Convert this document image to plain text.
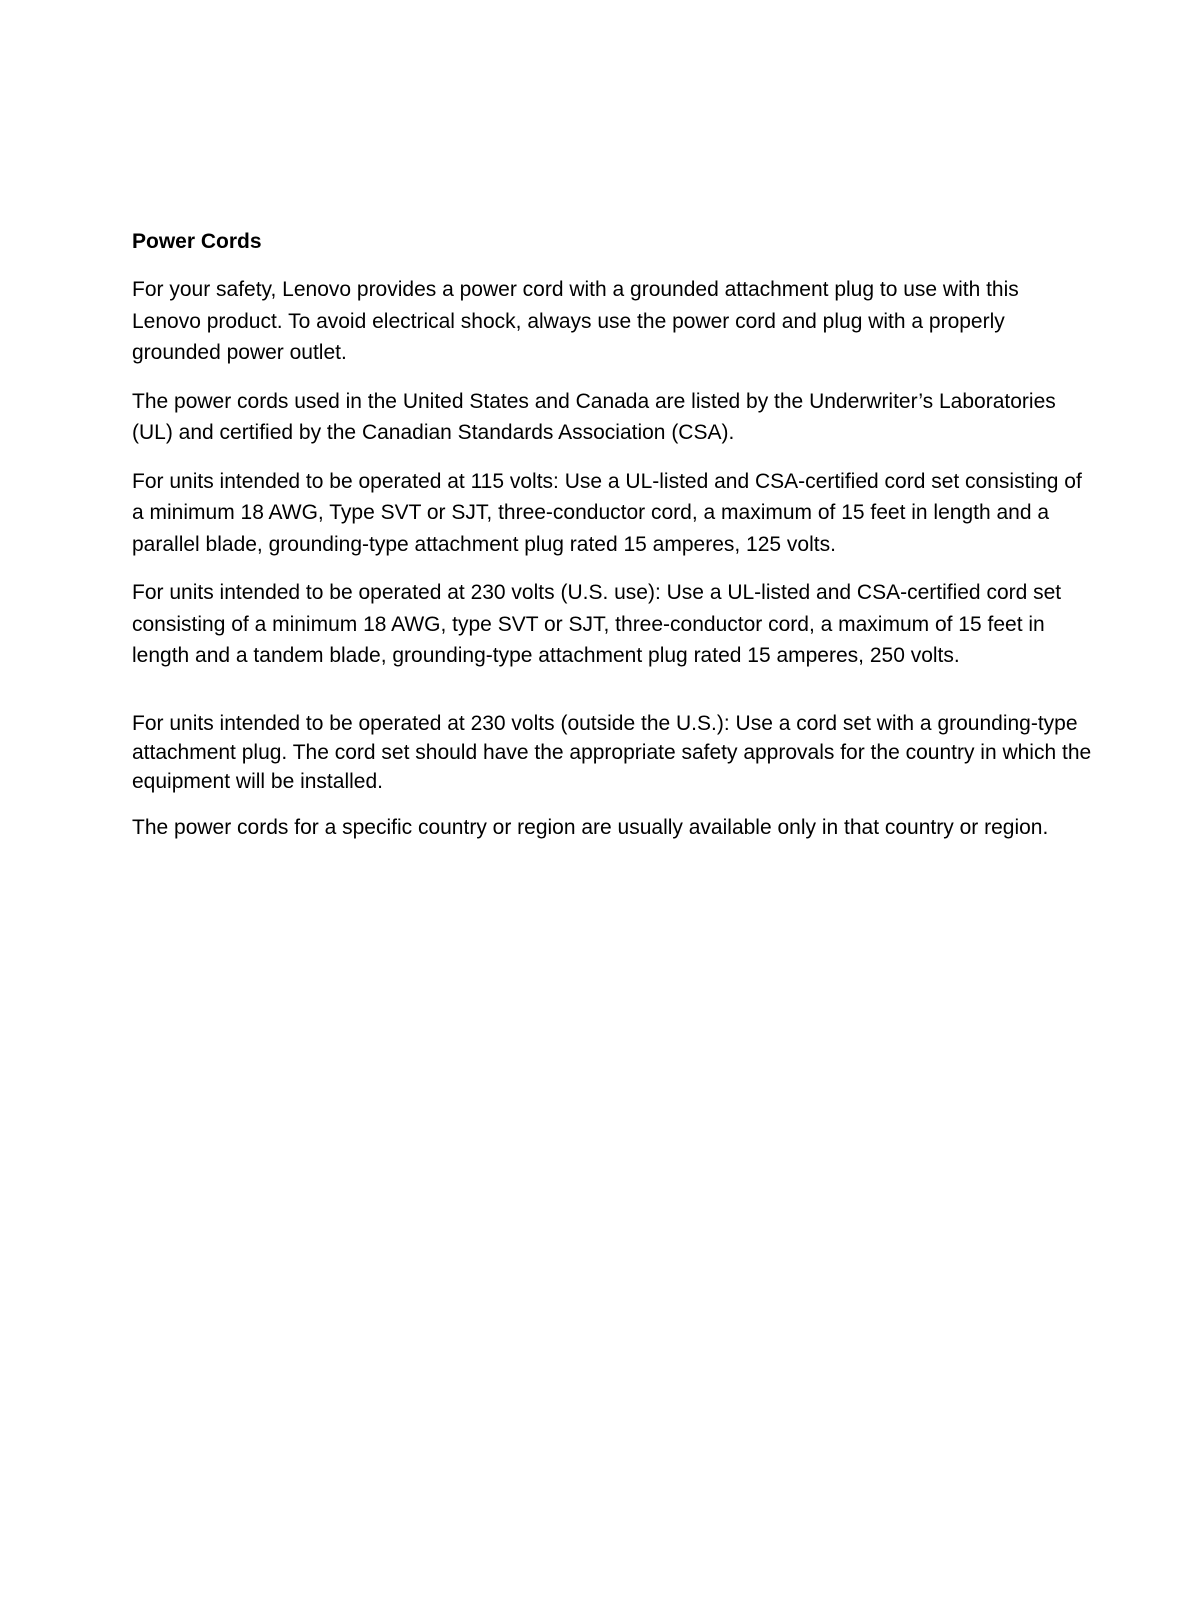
Power Cords

For your safety, Lenovo provides a power cord with a grounded attachment plug to use with this Lenovo product. To avoid electrical shock, always use the power cord and plug with a properly grounded power outlet.

The power cords used in the United States and Canada are listed by the Underwriter’s Laboratories (UL) and certified by the Canadian Standards Association (CSA).

For units intended to be operated at 115 volts: Use a UL-listed and CSA-certified cord set consisting of a minimum 18 AWG, Type SVT or SJT, three-conductor cord, a maximum of 15 feet in length and a parallel blade, grounding-type attachment plug rated 15 amperes, 125 volts.

For units intended to be operated at 230 volts (U.S. use): Use a UL-listed and CSA-certified cord set consisting of a minimum 18 AWG, type SVT or SJT, three-conductor cord, a maximum of 15 feet in length and a tandem blade, grounding-type attachment plug rated 15 amperes, 250 volts.

For units intended to be operated at 230 volts (outside the U.S.): Use a cord set with a grounding-type attachment plug. The cord set should have the appropriate safety approvals for the country in which the equipment will be installed.

The power cords for a specific country or region are usually available only in that country or region.
